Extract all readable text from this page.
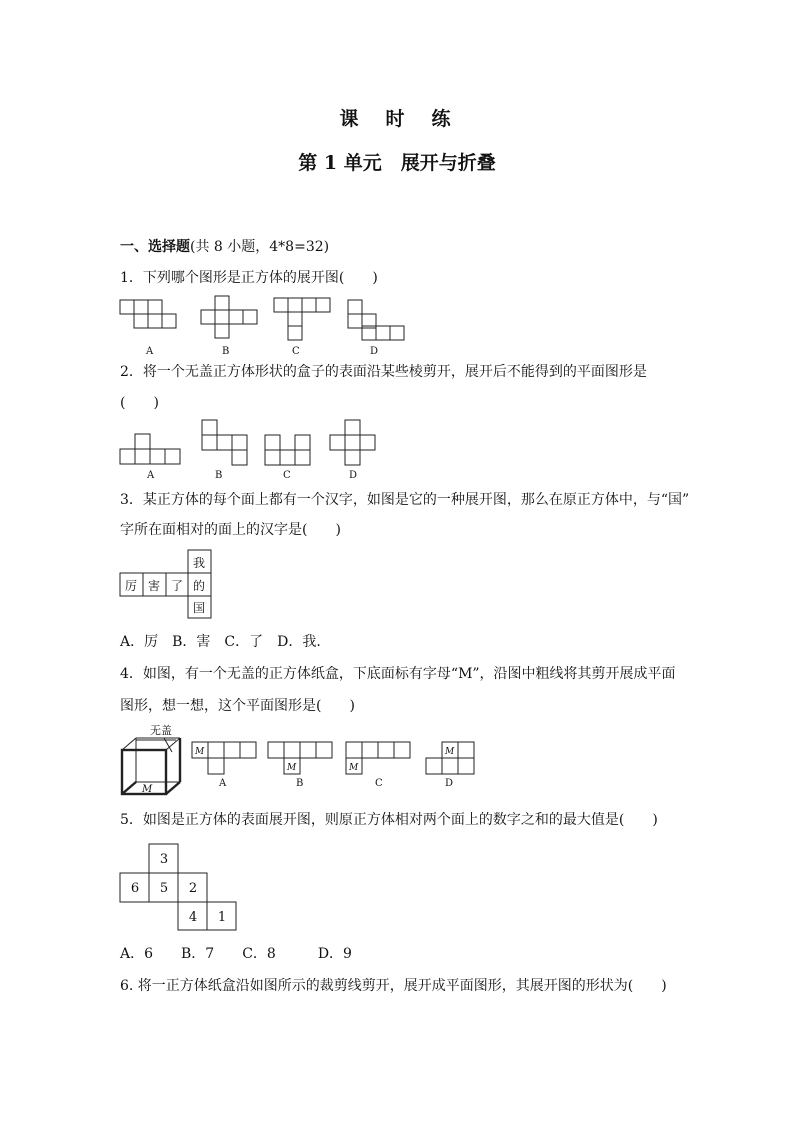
课　时　练
第 1 单元　展开与折叠
一、选择题(共 8 小题，4*8=32)
1．下列哪个图形是正方体的展开图(　　)
A	B	C	D
2．将一个无盖正方体形状的盒子的表面沿某些棱剪开，展开后不能得到的平面图形是
(　　)
A	B	C	D
3．某正方体的每个面上都有一个汉字，如图是它的一种展开图，那么在原正方体中，与“国”
字所在面相对的面上的汉字是(　　)
我
厉 害 了 的
国
A．厉　B．害　C．了　D．我.
4．如图，有一个无盖的正方体纸盒，下底面标有字母“M”，沿图中粗线将其剪开展成平面
图形，想一想，这个平面图形是(　　)
无盖
M
M
M	M
M
A	B	C	D
5．如图是正方体的表面展开图，则原正方体相对两个面上的数字之和的最大值是(　　)
3
6 5 2
4 1
A．6　　B．7　　C．8　　　D．9
6. 将一正方体纸盒沿如图所示的裁剪线剪开，展开成平面图形，其展开图的形状为(　　)
